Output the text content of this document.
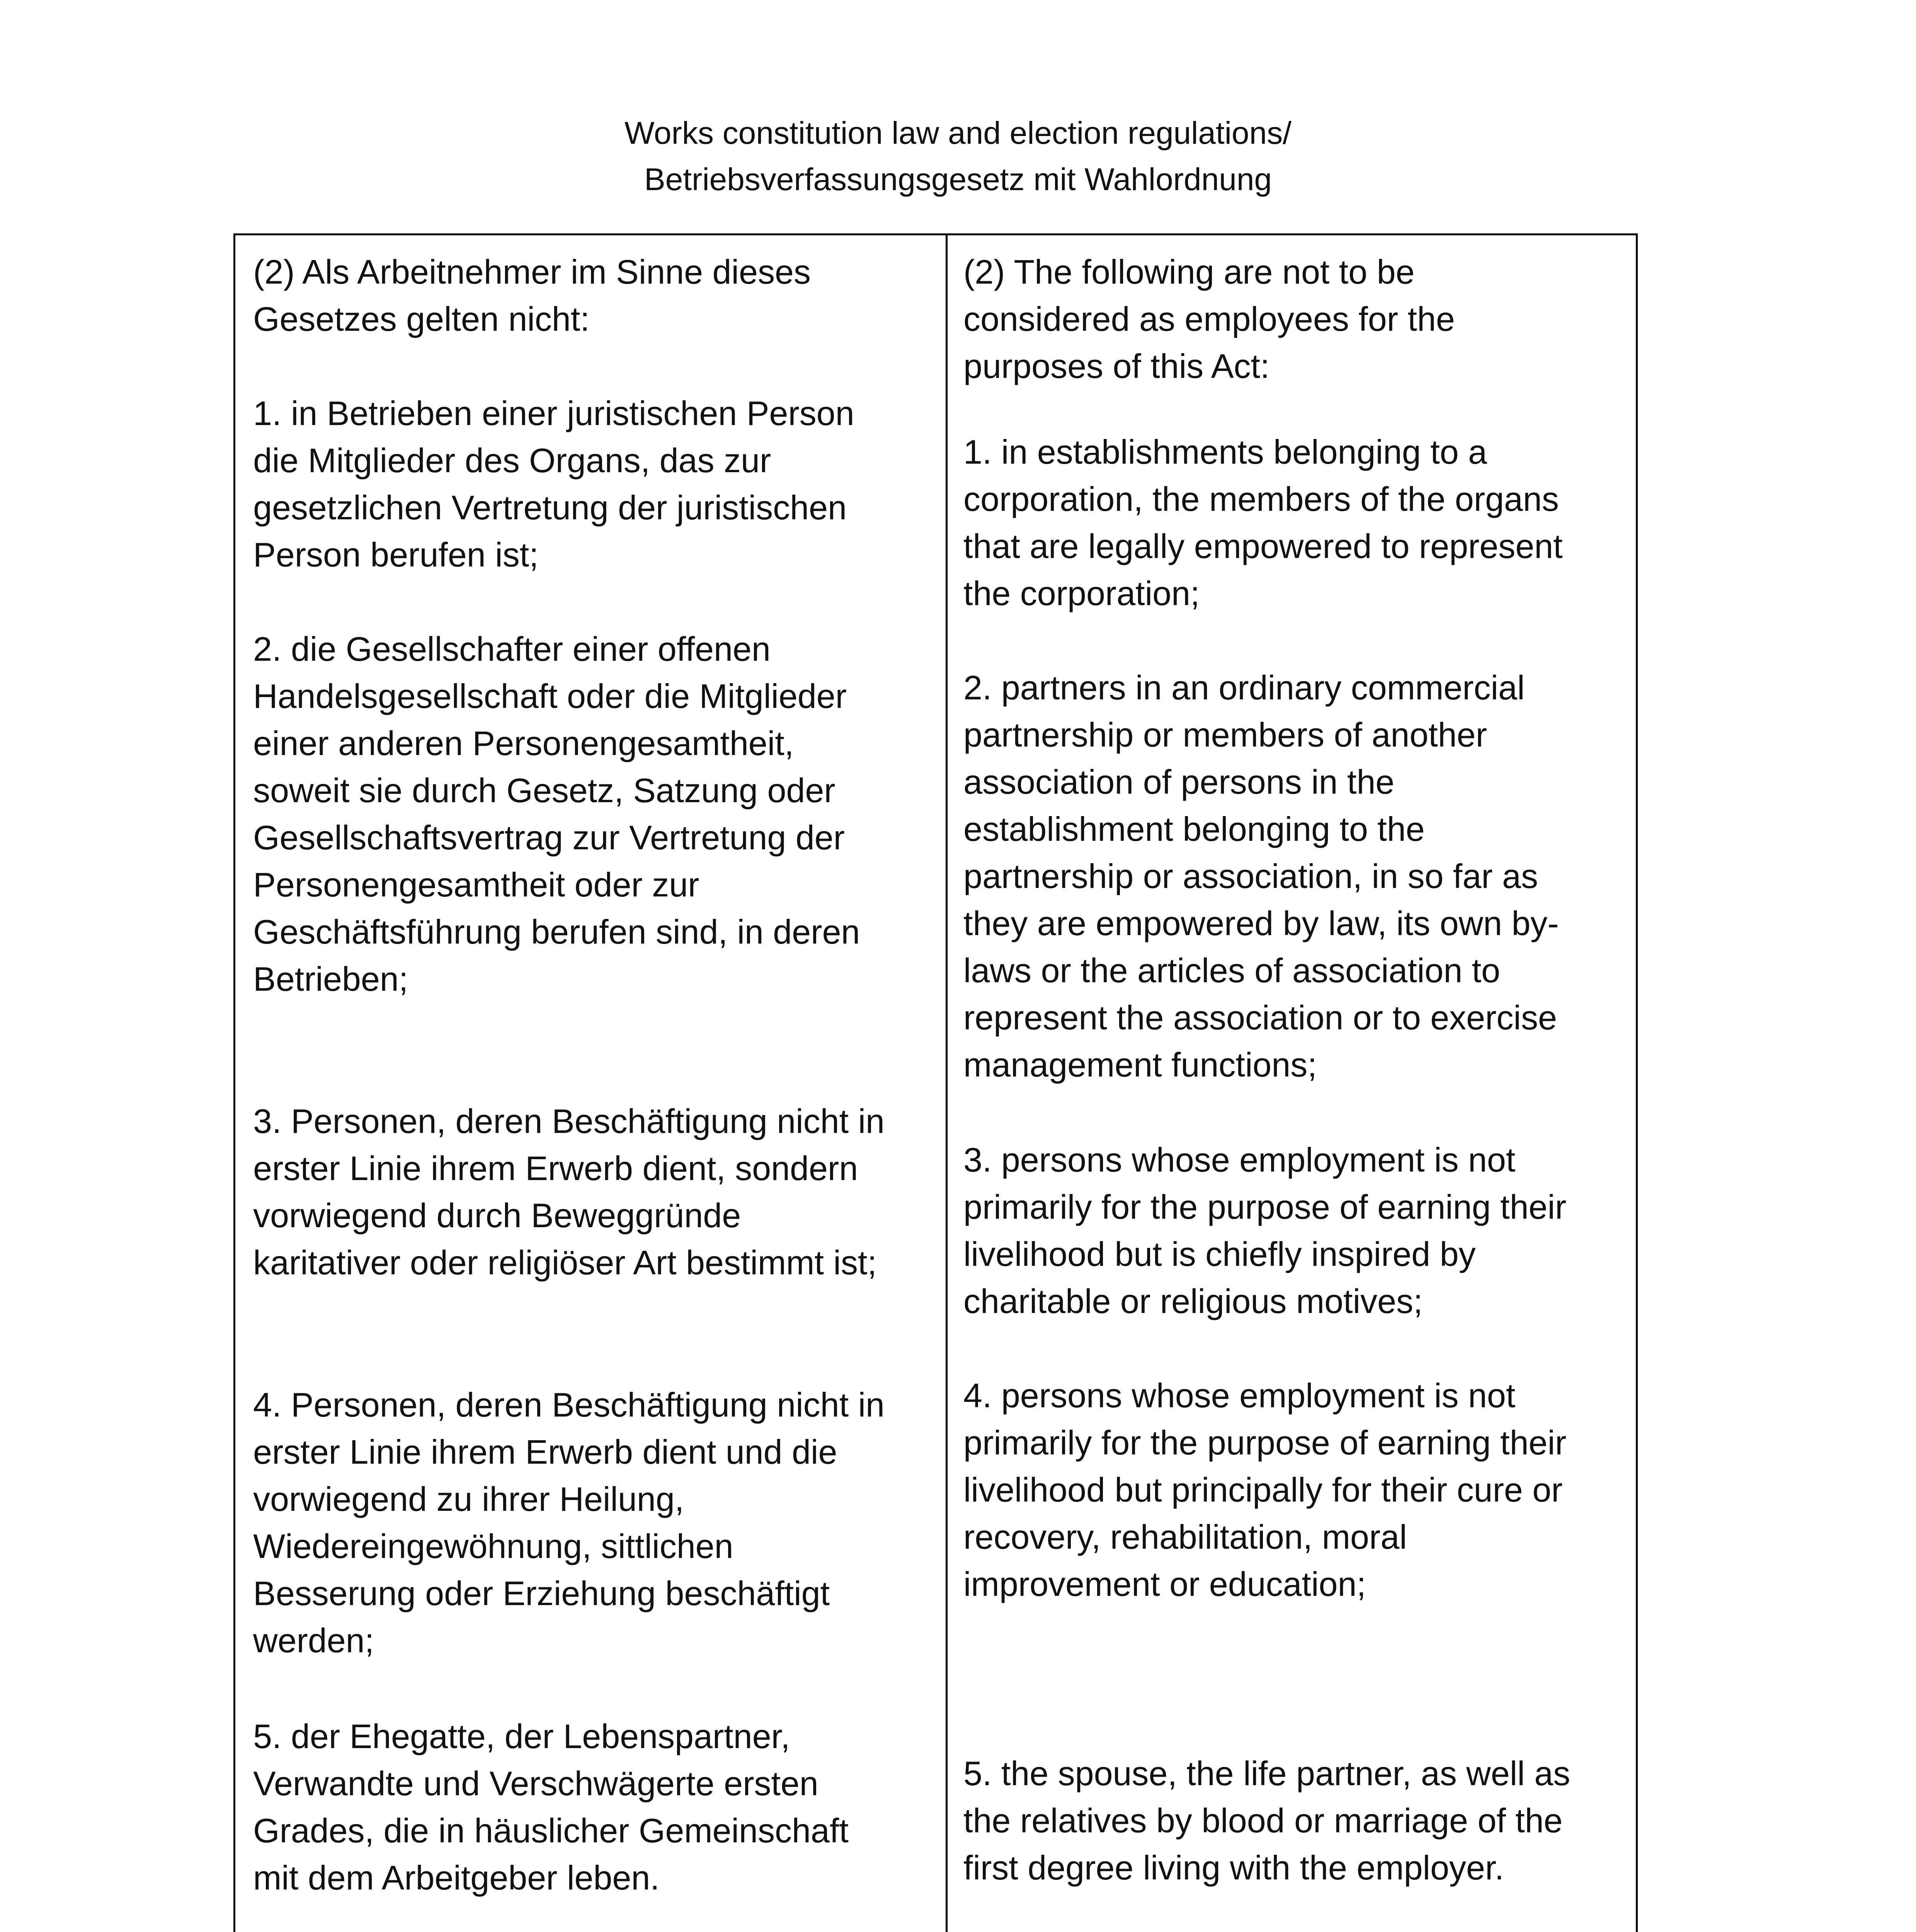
Works constitution law and election regulations/
Betriebsverfassungsgesetz mit Wahlordnung
(2) Als Arbeitnehmer im Sinne dieses
Gesetzes gelten nicht:
1. in Betrieben einer juristischen Person
die Mitglieder des Organs, das zur
gesetzlichen Vertretung der juristischen
Person berufen ist;
2. die Gesellschafter einer offenen
Handelsgesellschaft oder die Mitglieder
einer anderen Personengesamtheit,
soweit sie durch Gesetz, Satzung oder
Gesellschaftsvertrag zur Vertretung der
Personengesamtheit oder zur
Geschäftsführung berufen sind, in deren
Betrieben;
3. Personen, deren Beschäftigung nicht in
erster Linie ihrem Erwerb dient, sondern
vorwiegend durch Beweggründe
karitativer oder religiöser Art bestimmt ist;
4. Personen, deren Beschäftigung nicht in
erster Linie ihrem Erwerb dient und die
vorwiegend zu ihrer Heilung,
Wiedereingewöhnung, sittlichen
Besserung oder Erziehung beschäftigt
werden;
5. der Ehegatte, der Lebenspartner,
Verwandte und Verschwägerte ersten
Grades, die in häuslicher Gemeinschaft
mit dem Arbeitgeber leben.
(2) The following are not to be
considered as employees for the
purposes of this Act:
1. in establishments belonging to a
corporation, the members of the organs
that are legally empowered to represent
the corporation;
2. partners in an ordinary commercial
partnership or members of another
association of persons in the
establishment belonging to the
partnership or association, in so far as
they are empowered by law, its own by-
laws or the articles of association to
represent the association or to exercise
management functions;
3. persons whose employment is not
primarily for the purpose of earning their
livelihood but is chiefly inspired by
charitable or religious motives;
4. persons whose employment is not
primarily for the purpose of earning their
livelihood but principally for their cure or
recovery, rehabilitation, moral
improvement or education;
5. the spouse, the life partner, as well as
the relatives by blood or marriage of the
first degree living with the employer.
